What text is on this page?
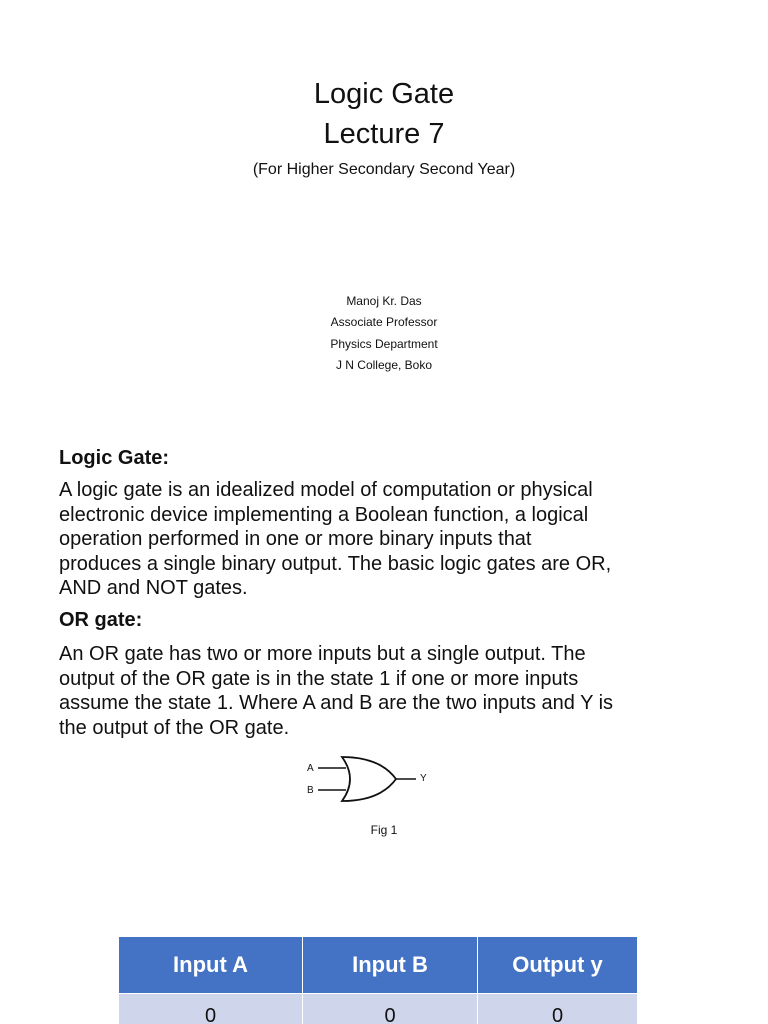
Logic Gate
Lecture 7
(For Higher Secondary Second Year)
Manoj Kr. Das
Associate Professor
Physics Department
J N College, Boko
Logic Gate:
A logic gate is an idealized model of computation or physical
electronic device implementing a Boolean function, a logical
operation performed in one or more binary inputs that
produces a single binary output. The basic logic gates are OR,
AND and NOT gates.
OR gate:
An OR gate has two or more inputs but a single output. The
output of the OR gate is in the state 1 if one or more inputs
assume the state 1. Where A and B are the two inputs and Y is
the output of the OR gate.
A
B
Y
Fig 1
Input A	Input B	Output y
0	0	0
